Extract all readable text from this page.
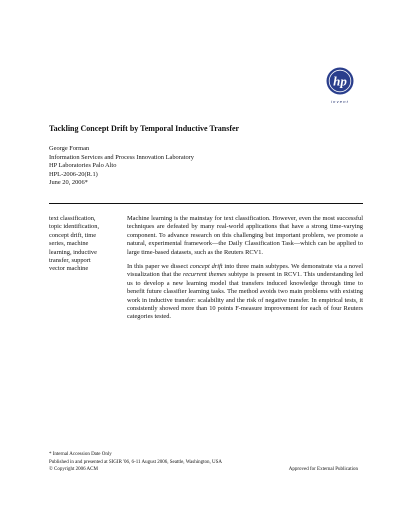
hp
invent
Tackling Concept Drift by Temporal Inductive Transfer
George Forman
Information Services and Process Innovation Laboratory
HP Laboratories Palo Alto
HPL-2006-20(R.1)
June 20, 2006*
text classification,
topic identification,
concept drift, time
series, machine
learning, inductive
transfer, support
vector machine

Machine learning is the mainstay for text classification. However, even the most successful techniques are defeated by many real-world applications that have a strong time-varying component. To advance research on this challenging but important problem, we promote a natural, experimental framework—the Daily Classification Task—which can be applied to large time-based datasets, such as the Reuters RCV1.

In this paper we dissect concept drift into three main subtypes. We demonstrate via a novel visualization that the recurrent themes subtype is present in RCV1. This understanding led us to develop a new learning model that transfers induced knowledge through time to benefit future classifier learning tasks. The method avoids two main problems with existing work in inductive transfer: scalability and the risk of negative transfer. In empirical tests, it consistently showed more than 10 points F-measure improvement for each of four Reuters categories tested.

* Internal Accession Date Only
Published in and presented at SIGIR '06, 6-11 August 2006, Seattle, Washington, USA
© Copyright 2006 ACM	Approved for External Publication
